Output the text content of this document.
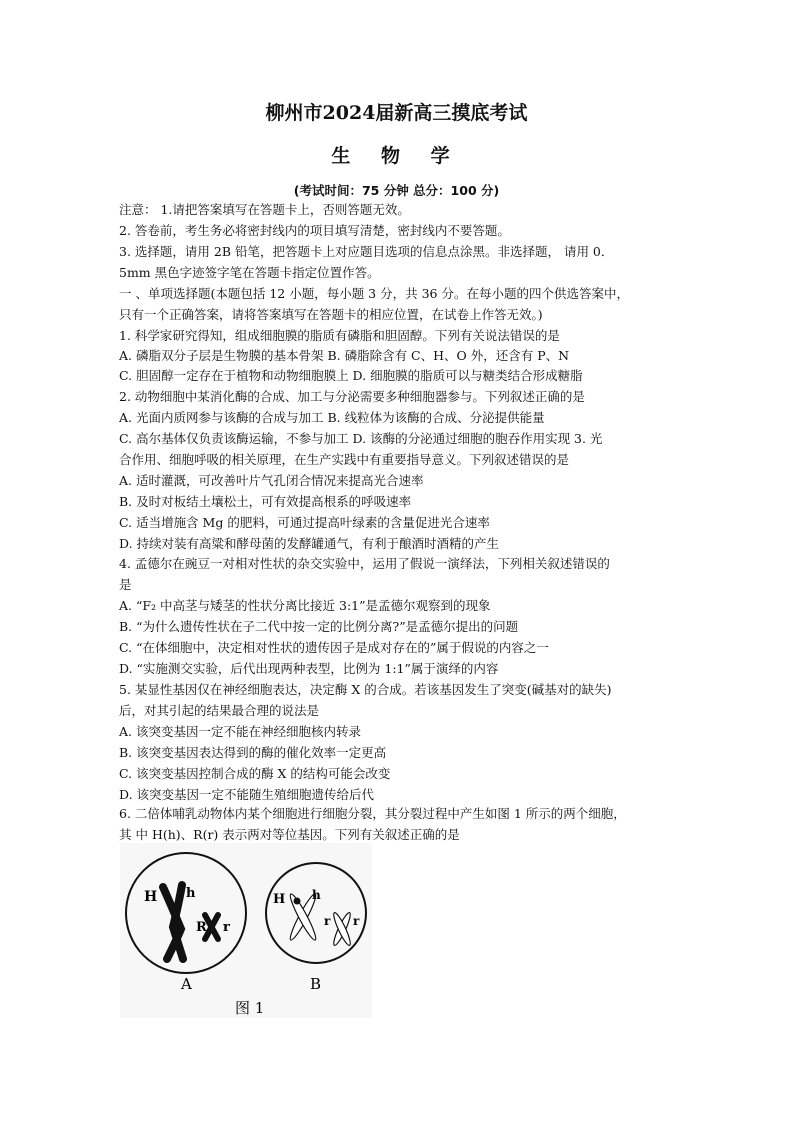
柳州市2024届新高三摸底考试
生 物 学
(考试时间：75 分钟 总分：100 分)
注意： 1.请把答案填写在答题卡上，否则答题无效。
2. 答卷前，考生务必将密封线内的项目填写清楚，密封线内不要答题。
3. 选择题，请用 2B 铅笔，把答题卡上对应题目选项的信息点涂黑。非选择题， 请用 0．
5mm 黑色字迹签字笔在答题卡指定位置作答。
一 、单项选择题(本题包括 12 小题，每小题 3 分，共 36 分。在每小题的四个供选答案中，
只有一个正确答案，请将答案填写在答题卡的相应位置，在试卷上作答无效。)
1. 科学家研究得知，组成细胞膜的脂质有磷脂和胆固醇。下列有关说法错误的是
A. 磷脂双分子层是生物膜的基本骨架 B. 磷脂除含有 C、H、O 外，还含有 P、N
C. 胆固醇一定存在于植物和动物细胞膜上 D. 细胞膜的脂质可以与糖类结合形成糖脂
2. 动物细胞中某消化酶的合成、加工与分泌需要多种细胞器参与。下列叙述正确的是
A. 光面内质网参与该酶的合成与加工 B. 线粒体为该酶的合成、分泌提供能量
C. 高尔基体仅负责该酶运输，不参与加工 D. 该酶的分泌通过细胞的胞吞作用实现 3. 光
合作用、细胞呼吸的相关原理，在生产实践中有重要指导意义。下列叙述错误的是
A. 适时灌溉，可改善叶片气孔闭合情况来提高光合速率
B. 及时对板结土壤松土，可有效提高根系的呼吸速率
C. 适当增施含 Mg 的肥料，可通过提高叶绿素的含量促进光合速率
D. 持续对装有高粱和酵母菌的发酵罐通气，有利于酿酒时酒精的产生
4. 孟德尔在豌豆一对相对性状的杂交实验中，运用了假说一演绎法，下列相关叙述错误的
是
A. “F₂ 中高茎与矮茎的性状分离比接近 3:1”是孟德尔观察到的现象
B. “为什么遗传性状在子二代中按一定的比例分离?”是孟德尔提出的问题
C. “在体细胞中，决定相对性状的遗传因子是成对存在的”属于假说的内容之一
D. “实施测交实验，后代出现两种表型，比例为 1:1”属于演绎的内容
5. 某显性基因仅在神经细胞表达，决定酶 X 的合成。若该基因发生了突变(碱基对的缺失)
后，对其引起的结果最合理的说法是
A. 该突变基因一定不能在神经细胞核内转录
B. 该突变基因表达得到的酶的催化效率一定更高
C. 该突变基因控制合成的酶 X 的结构可能会改变
D. 该突变基因一定不能随生殖细胞遗传给后代
6. 二倍体哺乳动物体内某个细胞进行细胞分裂，其分裂过程中产生如图 1 所示的两个细胞，
其 中 H(h)、R(r) 表示两对等位基因。下列有关叙述正确的是
H h
R r
H h
r r
A	B
图 1
